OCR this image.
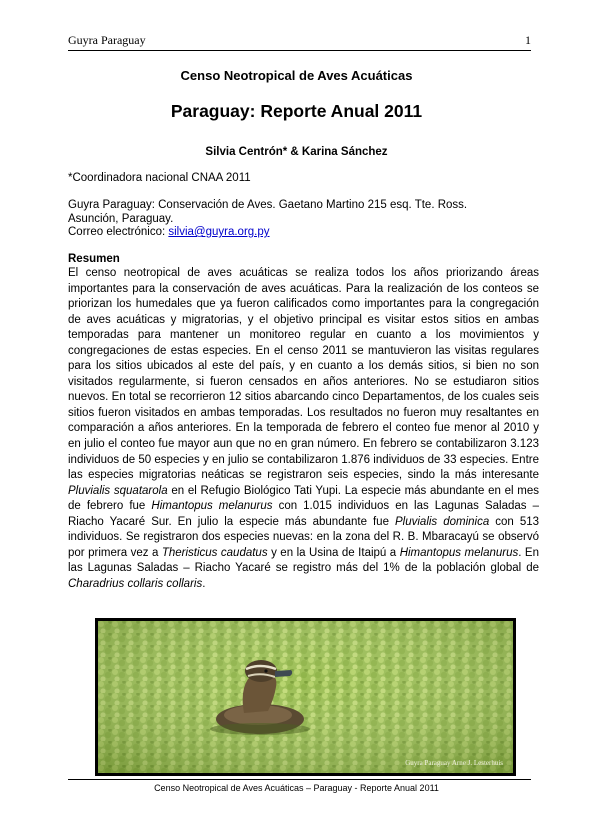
Guyra Paraguay	1
Censo Neotropical de Aves Acuáticas
Paraguay: Reporte Anual 2011
Silvia Centrón* & Karina Sánchez
*Coordinadora nacional CNAA 2011
Guyra Paraguay: Conservación de Aves. Gaetano Martino 215 esq. Tte. Ross.
Asunción, Paraguay.
Correo electrónico: silvia@guyra.org.py
Resumen
El censo neotropical de aves acuáticas se realiza todos los años priorizando áreas importantes para la conservación de aves acuáticas. Para la realización de los conteos se priorizan los humedales que ya fueron calificados como importantes para la congregación de aves acuáticas y migratorias, y el objetivo principal es visitar estos sitios en ambas temporadas para mantener un monitoreo regular en cuanto a los movimientos y congregaciones de estas especies. En el censo 2011 se mantuvieron las visitas regulares para los sitios ubicados al este del país, y en cuanto a los demás sitios, si bien no son visitados regularmente, si fueron censados en años anteriores. No se estudiaron sitios nuevos. En total se recorrieron 12 sitios abarcando cinco Departamentos, de los cuales seis sitios fueron visitados en ambas temporadas. Los resultados no fueron muy resaltantes en comparación a años anteriores. En la temporada de febrero el conteo fue menor al 2010 y en julio el conteo fue mayor aun que no en gran número. En febrero se contabilizaron 3.123 individuos de 50 especies y en julio se contabilizaron 1.876 individuos de 33 especies. Entre las especies migratorias neáticas se registraron seis especies, sindo la más interesante Pluvialis squatarola en el Refugio Biológico Tati Yupi. La especie más abundante en el mes de febrero fue Himantopus melanurus con 1.015 individuos en las Lagunas Saladas – Riacho Yacaré Sur. En julio la especie más abundante fue Pluvialis dominica con 513 individuos. Se registraron dos especies nuevas: en la zona del R. B. Mbaracayú se observó por primera vez a Theristicus caudatus y en la Usina de Itaipú a Himantopus melanurus. En las Lagunas Saladas – Riacho Yacaré se registro más del 1% de la población global de Charadrius collaris collaris.
Guyra Paraguay Arne J. Lesterhuis
Censo Neotropical de Aves Acuáticas – Paraguay - Reporte Anual 2011
